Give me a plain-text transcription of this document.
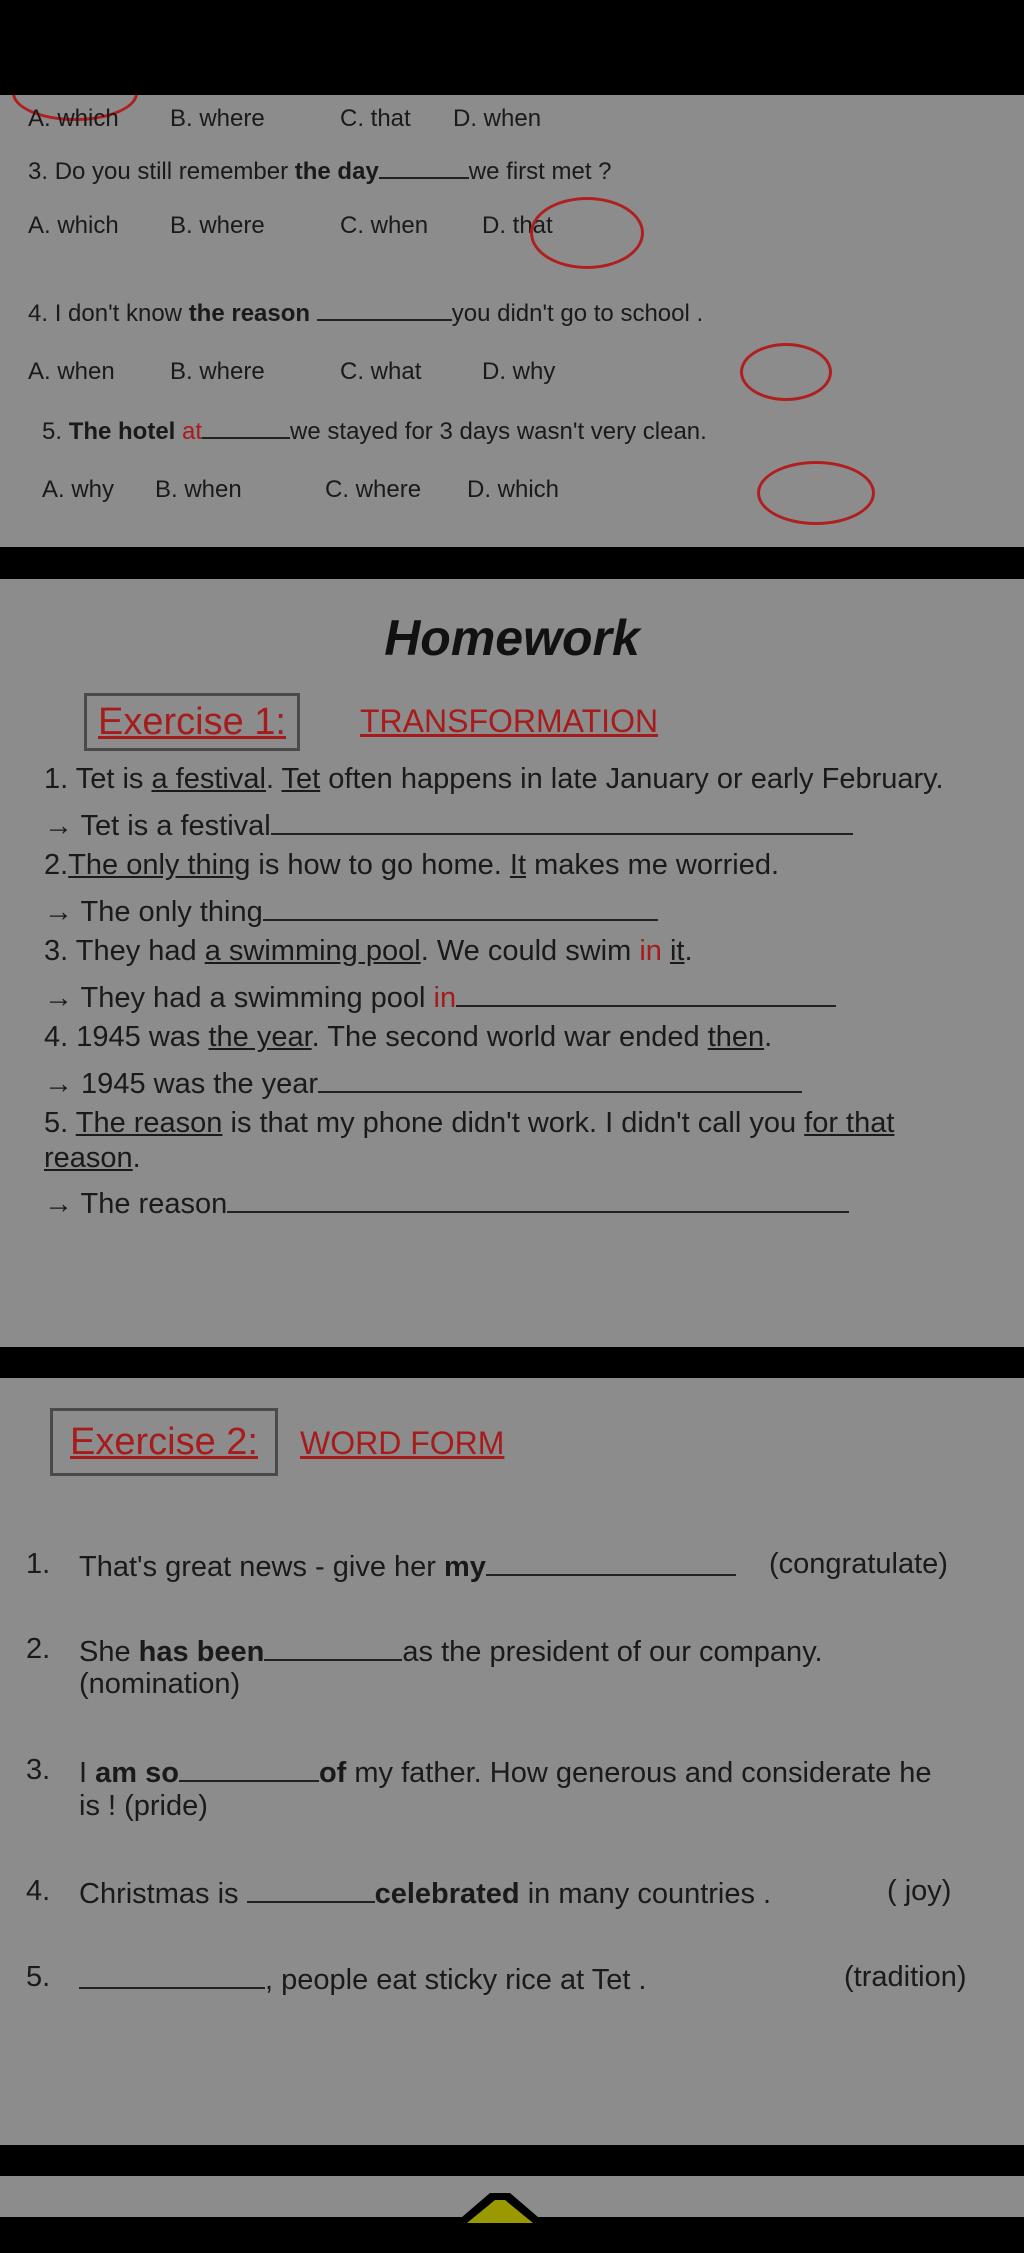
A. which B. where	C. that D. when
3. Do you still remember the day	we first met ?
A. which B. where	C. when D. that
4. I don't know the reason	you didn't go to school .
A. when B. where	C. what	D. why
5. The hotel at	we stayed for 3 days wasn't very clean.
A. why B. when	C. where D. which
Homework
Exercise 1:	TRANSFORMATION
1. Tet is a festival. Tet often happens in late January or early February.
→ Tet is a festival
2.The only thing is how to go home. It makes me worried.
→ The only thing
3. They had a swimming pool. We could swim in it.
→ They had a swimming pool in
4. 1945 was the year. The second world war ended then.
→ 1945 was the year
5. The reason is that my phone didn't work. I didn't call you for that
reason.
→ The reason
Exercise 2:	WORD FORM
1. That's great news - give her my	(congratulate)
2. She has been	as the president of our company.
(nomination)
3. I am so	of my father. How generous and considerate he
is ! (pride)
4. Christmas is	celebrated in many countries .	( joy)
5.	, people eat sticky rice at Tet .	(tradition)
